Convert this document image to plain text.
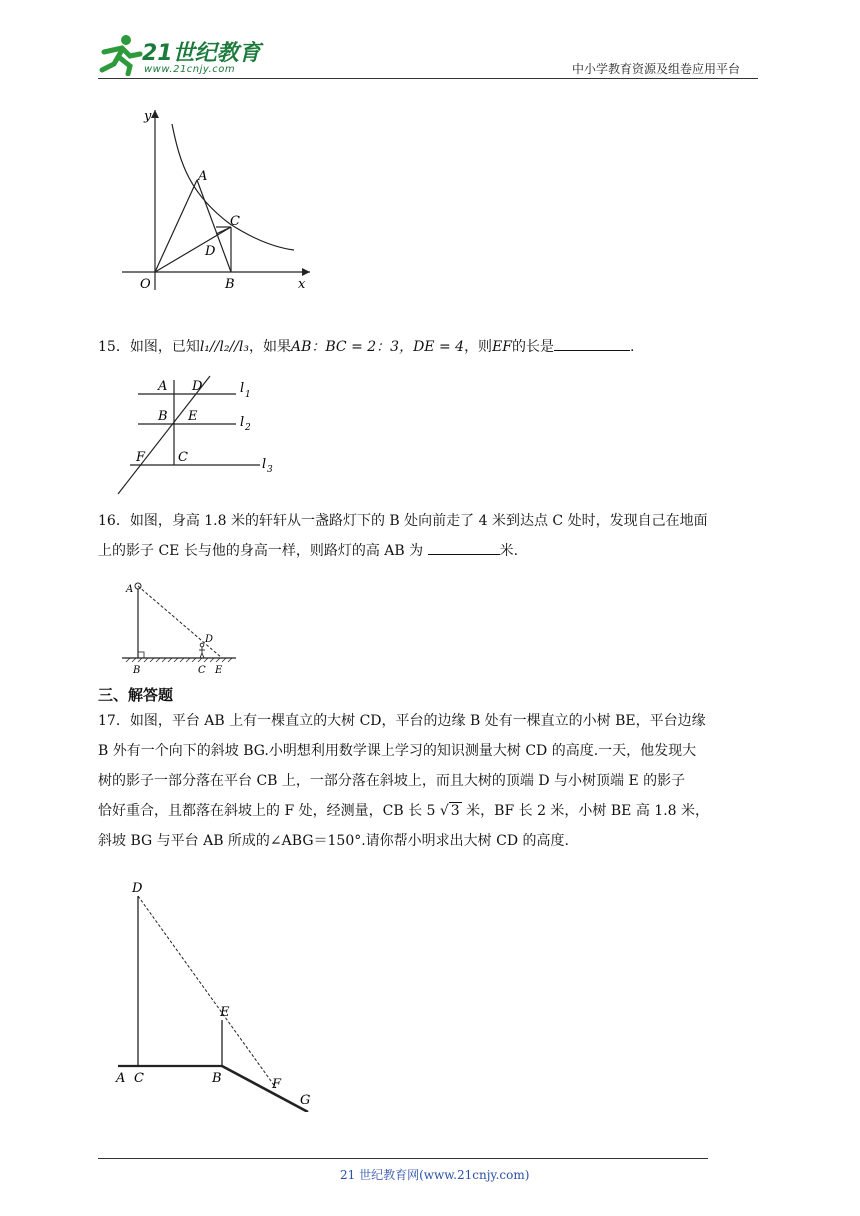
21世纪教育
www.21cnjy.com	中小学教育资源及组卷应用平台
y
x
O
A
B
C
D
15．如图，已知l₁//l₂//l₃，如果AB：BC = 2：3，DE = 4，则EF的长是	.
A D
B E
F	C
l 1
l 2
l 3
16．如图，身高 1.8 米的轩轩从一盏路灯下的 B 处向前走了 4 米到达点 C 处时，发现自己在地面
上的影子 CE 长与他的身高一样，则路灯的高 AB 为	米.
A
D
B	C E
三、解答题
17．如图，平台 AB 上有一棵直立的大树 CD，平台的边缘 B 处有一棵直立的小树 BE，平台边缘
B 外有一个向下的斜坡 BG.小明想利用数学课上学习的知识测量大树 CD 的高度.一天，他发现大
树的影子一部分落在平台 CB 上，一部分落在斜坡上，而且大树的顶端 D 与小树顶端 E 的影子
恰好重合，且都落在斜坡上的 F 处，经测量，CB 长 5 √ 3 米，BF 长 2 米，小树 BE 高 1.8 米，
斜坡 BG 与平台 AB 所成的∠ABG＝150°.请你帮小明求出大树 CD 的高度.
D
E
A C	B	F
G
21 世纪教育网(www.21cnjy.com)
